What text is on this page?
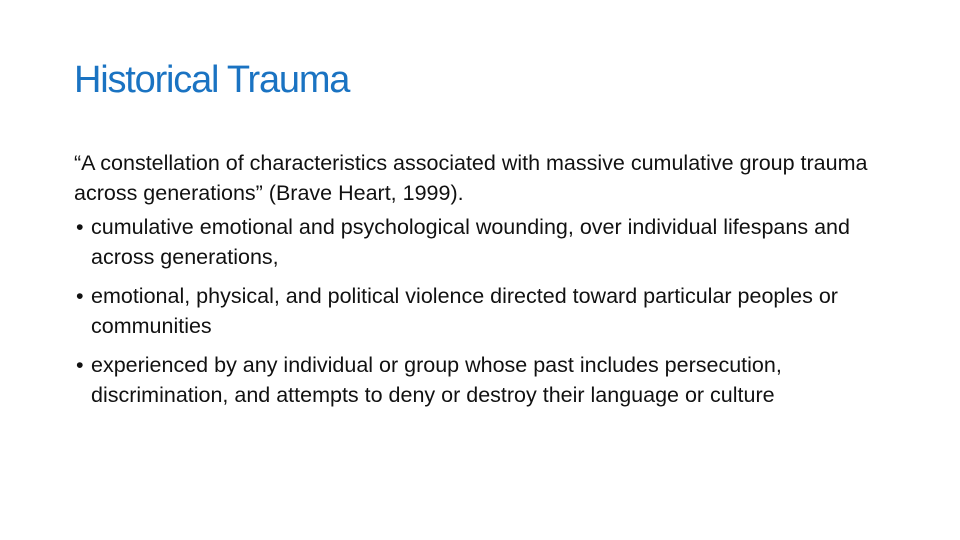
Historical Trauma

“A constellation of characteristics associated with massive cumulative group trauma across generations” (Brave Heart, 1999).

• cumulative emotional and psychological wounding, over individual lifespans and across generations,
• emotional, physical, and political violence directed toward particular peoples or communities
• experienced by any individual or group whose past includes persecution, discrimination, and attempts to deny or destroy their language or culture
